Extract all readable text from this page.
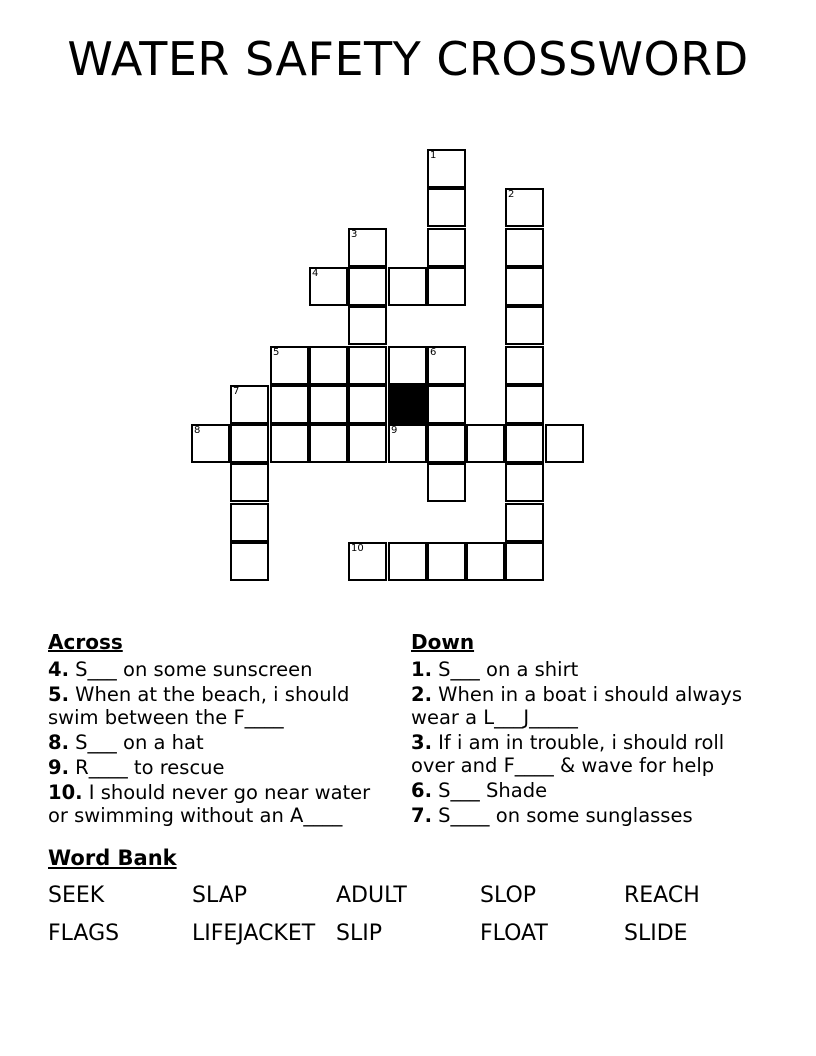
WATER SAFETY CROSSWORD
1
2
3
4
5	6
7
8	9
10
Across
4. S___ on some sunscreen
5. When at the beach, i should swim between the F____
8. S___ on a hat
9. R____ to rescue
10. I should never go near water or swimming without an A____
Down
1. S___ on a shirt
2. When in a boat i should always wear a L___J_____
3. If i am in trouble, i should roll over and F____ & wave for help
6. S___ Shade
7. S____ on some sunglasses
Word Bank
SEEK	SLAP	ADULT	SLOP	REACH
FLAGS	LIFEJACKET SLIP	FLOAT	SLIDE
